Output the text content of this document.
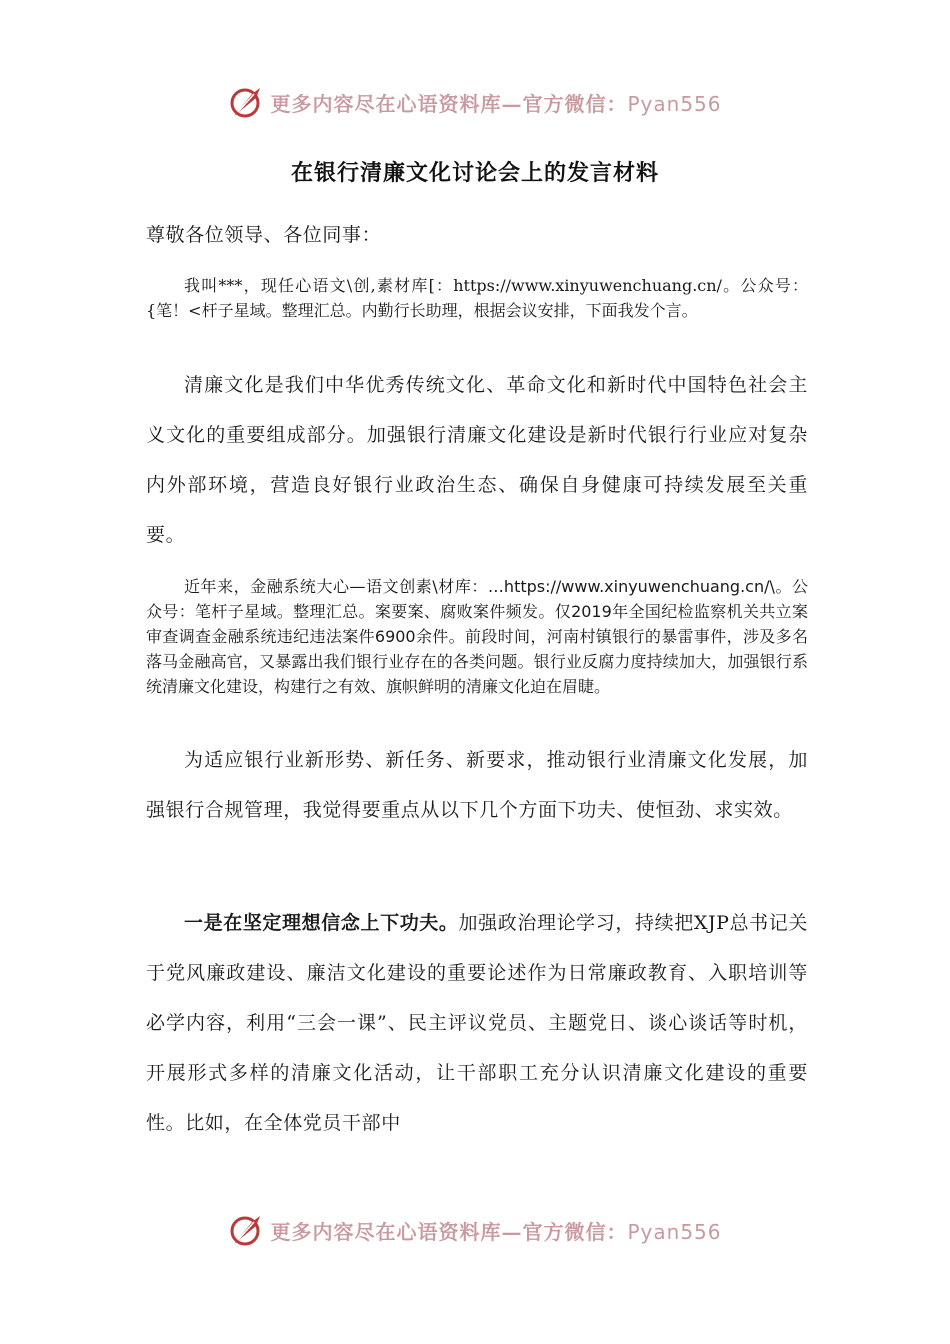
更多内容尽在心语资料库—官方微信：Pyan556
在银行清廉文化讨论会上的发言材料
尊敬各位领导、各位同事：
我叫***，现任心语文\创,素材库[：https://www.xinyuwenchuang.cn/。公众号：{笔！<杆子星域。整理汇总。内勤行长助理，根据会议安排，下面我发个言。
清廉文化是我们中华优秀传统文化、革命文化和新时代中国特色社会主义文化的重要组成部分。加强银行清廉文化建设是新时代银行行业应对复杂内外部环境，营造良好银行业政治生态、确保自身健康可持续发展至关重要。
近年来，金融系统大心—语文创素\材库：…https://www.xinyuwenchuang.cn/\。公众号：笔杆子星域。整理汇总。案要案、腐败案件频发。仅2019年全国纪检监察机关共立案审查调查金融系统违纪违法案件6900余件。前段时间，河南村镇银行的暴雷事件，涉及多名落马金融高官，又暴露出我们银行业存在的各类问题。银行业反腐力度持续加大，加强银行系统清廉文化建设，构建行之有效、旗帜鲜明的清廉文化迫在眉睫。
为适应银行业新形势、新任务、新要求，推动银行业清廉文化发展，加强银行合规管理，我觉得要重点从以下几个方面下功夫、使恒劲、求实效。
一是在坚定理想信念上下功夫。加强政治理论学习，持续把XJP总书记关于党风廉政建设、廉洁文化建设的重要论述作为日常廉政教育、入职培训等必学内容，利用“三会一课”、民主评议党员、主题党日、谈心谈话等时机，开展形式多样的清廉文化活动，让干部职工充分认识清廉文化建设的重要性。比如，在全体党员干部中
更多内容尽在心语资料库—官方微信：Pyan556
